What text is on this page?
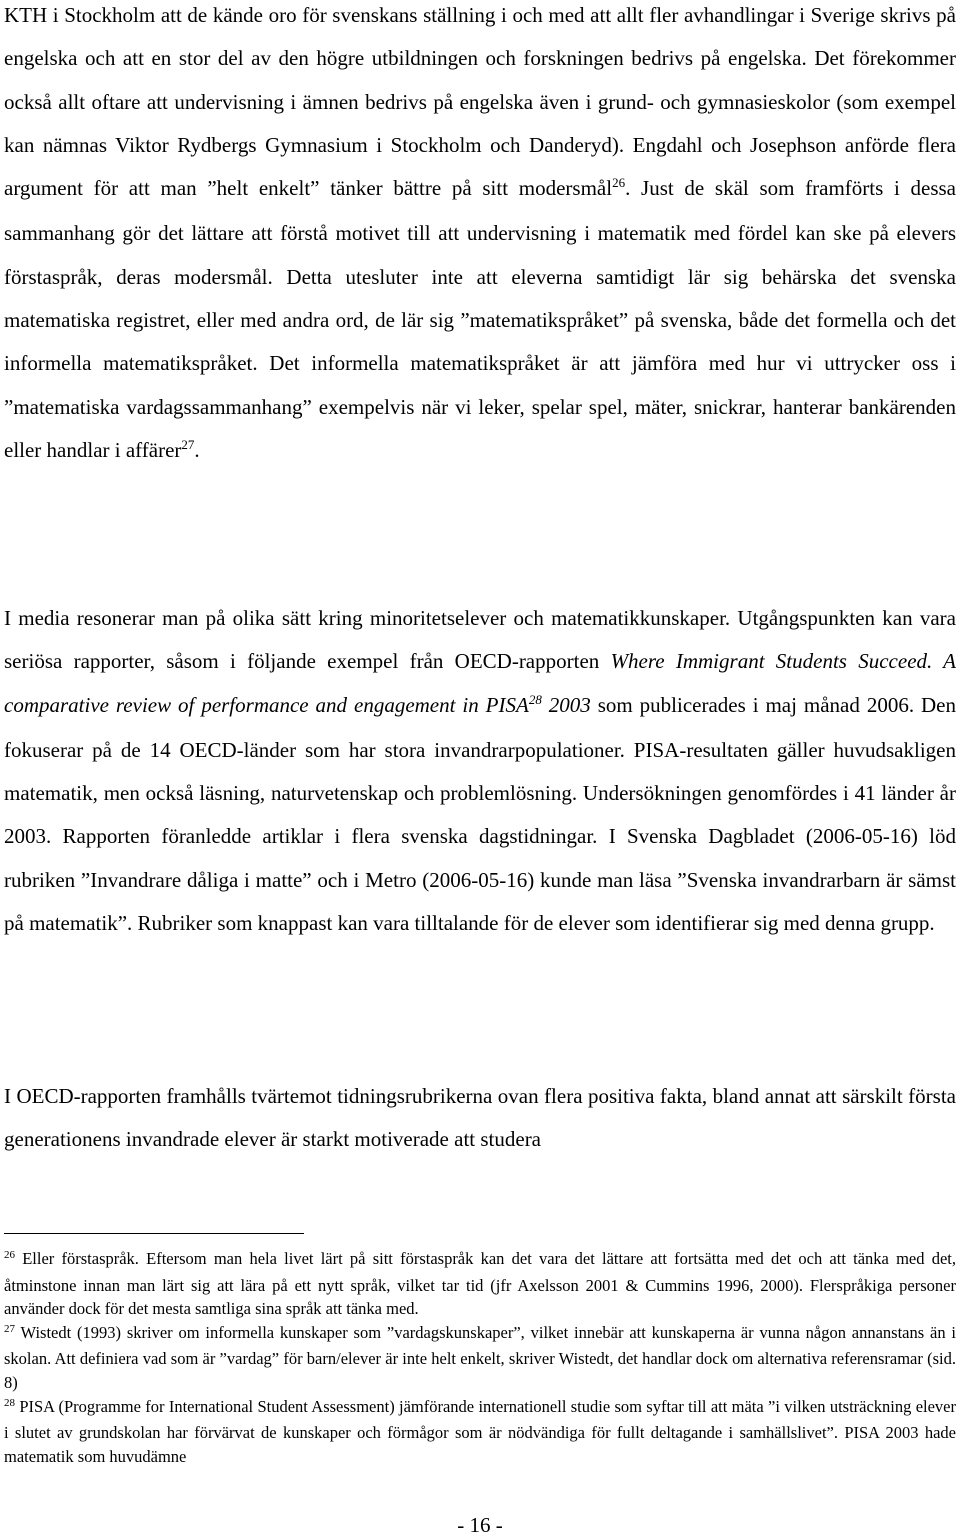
KTH i Stockholm att de kände oro för svenskans ställning i och med att allt fler avhandlingar i Sverige skrivs på engelska och att en stor del av den högre utbildningen och forskningen bedrivs på engelska. Det förekommer också allt oftare att undervisning i ämnen bedrivs på engelska även i grund- och gymnasieskolor (som exempel kan nämnas Viktor Rydbergs Gymnasium i Stockholm och Danderyd). Engdahl och Josephson anförde flera argument för att man ”helt enkelt” tänker bättre på sitt modersmål$^{26}$. Just de skäl som framförts i dessa sammanhang gör det lättare att förstå motivet till att undervisning i matematik med fördel kan ske på elevers förstaspråk, deras modersmål. Detta utesluter inte att eleverna samtidigt lär sig behärska det svenska matematiska registret, eller med andra ord, de lär sig ”matematikspråket” på svenska, både det formella och det informella matematikspråket. Det informella matematikspråket är att jämföra med hur vi uttrycker oss i ”matematiska vardagssammanhang” exempelvis när vi leker, spelar spel, mäter, snickrar, hanterar bankärenden eller handlar i affärer$^{27}$.

I media resonerar man på olika sätt kring minoritetselever och matematikkunskaper. Utgångspunkten kan vara seriösa rapporter, såsom i följande exempel från OECD-rapporten Where Immigrant Students Succeed. A comparative review of performance and engagement in PISA$^{28}$ 2003 som publicerades i maj månad 2006. Den fokuserar på de 14 OECD-länder som har stora invandrarpopulationer. PISA-resultaten gäller huvudsakligen matematik, men också läsning, naturvetenskap och problemlösning. Undersökningen genomfördes i 41 länder år 2003. Rapporten föranledde artiklar i flera svenska dagstidningar. I Svenska Dagbladet (2006-05-16) löd rubriken ”Invandrare dåliga i matte” och i Metro (2006-05-16) kunde man läsa ”Svenska invandrarbarn är sämst på matematik”. Rubriker som knappast kan vara tilltalande för de elever som identifierar sig med denna grupp.

I OECD-rapporten framhålls tvärtemot tidningsrubrikerna ovan flera positiva fakta, bland annat att särskilt första generationens invandrade elever är starkt motiverade att studera

$^{26}$ Eller förstaspråk. Eftersom man hela livet lärt på sitt förstaspråk kan det vara det lättare att fortsätta med det och att tänka med det, åtminstone innan man lärt sig att lära på ett nytt språk, vilket tar tid (jfr Axelsson 2001 & Cummins 1996, 2000). Flerspråkiga personer använder dock för det mesta samtliga sina språk att tänka med.

$^{27}$ Wistedt (1993) skriver om informella kunskaper som ”vardagskunskaper”, vilket innebär att kunskaperna är vunna någon annanstans än i skolan. Att definiera vad som är ”vardag” för barn/elever är inte helt enkelt, skriver Wistedt, det handlar dock om alternativa referensramar (sid. 8)

$^{28}$ PISA (Programme for International Student Assessment) jämförande internationell studie som syftar till att mäta ”i vilken utsträckning elever i slutet av grundskolan har förvärvat de kunskaper och förmågor som är nödvändiga för fullt deltagande i samhällslivet”. PISA 2003 hade matematik som huvudämne

- 16 -
